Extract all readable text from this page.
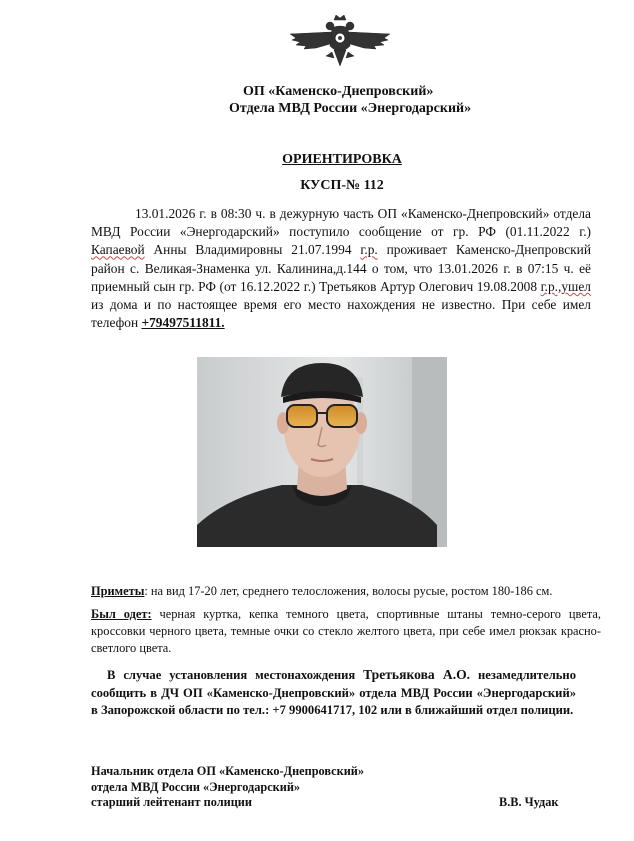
ОП «Каменско-Днепровский»
Отдела МВД России «Энергодарский»
ОРИЕНТИРОВКА
КУСП-№ 112
13.01.2026 г. в 08:30 ч. в дежурную часть ОП «Каменско-Днепровский» отдела МВД России «Энергодарский» поступило сообщение от гр. РФ (01.11.2022 г.) Капаевой Анны Владимировны 21.07.1994 г.р. проживает Каменско-Днепровский район с. Великая-Знаменка ул. Калинина,д.144 о том, что 13.01.2026 г. в 07:15 ч. её приемный сын гр. РФ (от 16.12.2022 г.) Третьяков Артур Олегович 19.08.2008 г.р.,ушел из дома и по настоящее время его место нахождения не известно. При себе имел телефон +79497511811.
Приметы: на вид 17-20 лет, среднего телосложения, волосы русые, ростом 180-186 см.
Был одет: черная куртка, кепка темного цвета, спортивные штаны темно-серого цвета, кроссовки черного цвета, темные очки со стекло желтого цвета, при себе имел рюкзак красно-светлого цвета.
В случае установления местонахождения Третьякова А.О. незамедлительно сообщить в ДЧ ОП «Каменско-Днепровский» отдела МВД России «Энергодарский» в Запорожской области по тел.: +7 9900641717, 102 или в ближайший отдел полиции.
Начальник отдела ОП «Каменско-Днепровский»
отдела МВД России «Энергодарский»
старший лейтенант полиции	В.В. Чудак
